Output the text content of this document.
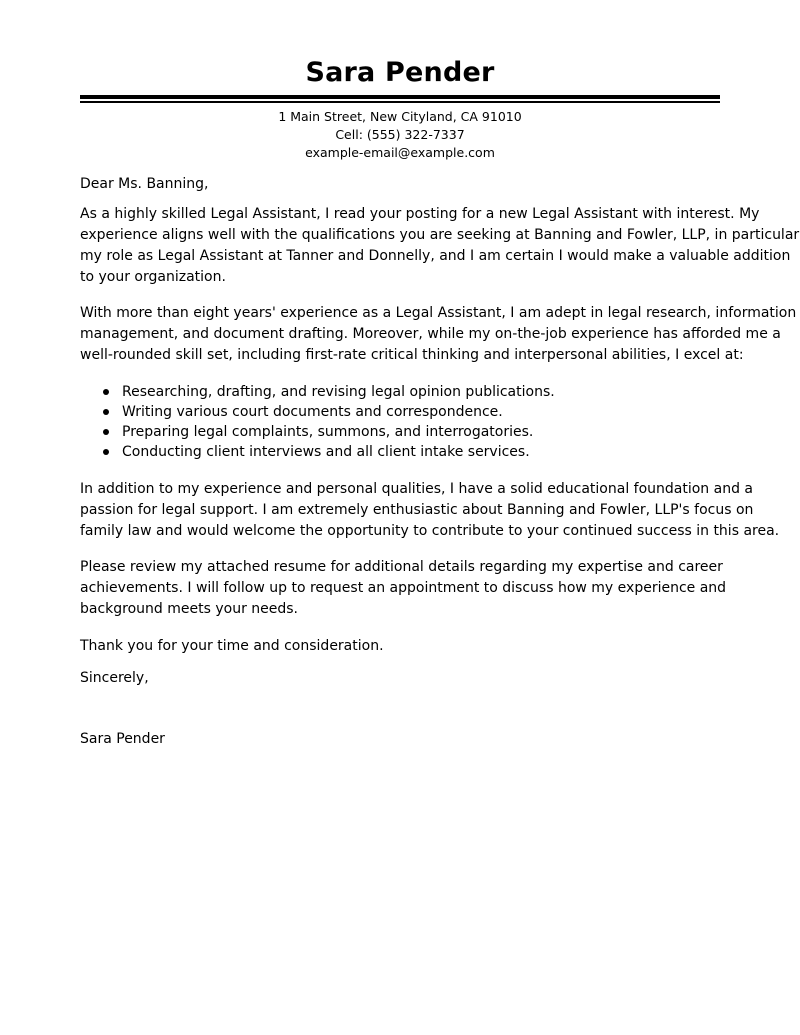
Sara Pender
1 Main Street, New Cityland, CA 91010
Cell: (555) 322-7337
example-email@example.com
Dear Ms. Banning,
As a highly skilled Legal Assistant, I read your posting for a new Legal Assistant with interest. My
experience aligns well with the qualifications you are seeking at Banning and Fowler, LLP, in particular
my role as Legal Assistant at Tanner and Donnelly, and I am certain I would make a valuable addition
to your organization.
With more than eight years' experience as a Legal Assistant, I am adept in legal research, information
management, and document drafting. Moreover, while my on-the-job experience has afforded me a
well-rounded skill set, including first-rate critical thinking and interpersonal abilities, I excel at:
Researching, drafting, and revising legal opinion publications.
Writing various court documents and correspondence.
Preparing legal complaints, summons, and interrogatories.
Conducting client interviews and all client intake services.
In addition to my experience and personal qualities, I have a solid educational foundation and a
passion for legal support. I am extremely enthusiastic about Banning and Fowler, LLP's focus on
family law and would welcome the opportunity to contribute to your continued success in this area.
Please review my attached resume for additional details regarding my expertise and career
achievements. I will follow up to request an appointment to discuss how my experience and
background meets your needs.
Thank you for your time and consideration.
Sincerely,
Sara Pender
